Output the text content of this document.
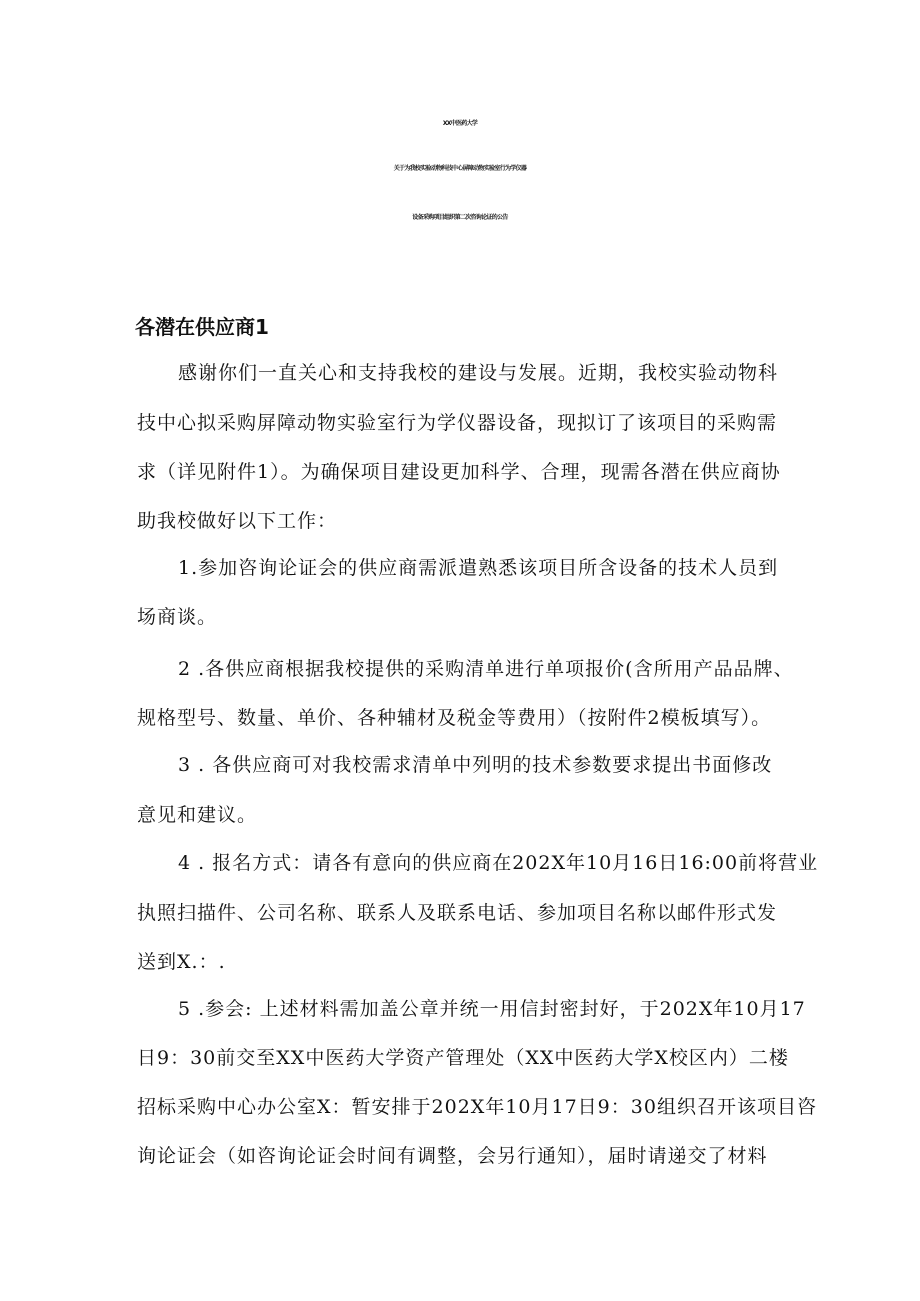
XX中医药大学
关于为我校实验动物科技中心屏障动物实验室行为学仪器
设备采购项目组织第二次咨询论证的公告
各潜在供应商1
感谢你们一直关心和支持我校的建设与发展。近期，我校实验动物科
技中心拟采购屏障动物实验室行为学仪器设备，现拟订了该项目的采购需
求（详见附件1）。为确保项目建设更加科学、合理，现需各潜在供应商协
助我校做好以下工作：
1.参加咨询论证会的供应商需派遣熟悉该项目所含设备的技术人员到
场商谈。
2 .各供应商根据我校提供的采购清单进行单项报价(含所用产品品牌、
规格型号、数量、单价、各种辅材及税金等费用）（按附件2模板填写）。
3 . 各供应商可对我校需求清单中列明的技术参数要求提出书面修改
意见和建议。
4 . 报名方式：请各有意向的供应商在202X年10月16日16:00前将营业
执照扫描件、公司名称、联系人及联系电话、参加项目名称以邮件形式发
送到X.：.
5 .参会: 上述材料需加盖公章并统一用信封密封好，于202X年10月17
日9：30前交至XX中医药大学资产管理处（XX中医药大学X校区内）二楼
招标采购中心办公室X：暂安排于202X年10月17日9：30组织召开该项目咨
询论证会（如咨询论证会时间有调整，会另行通知），届时请递交了材料
